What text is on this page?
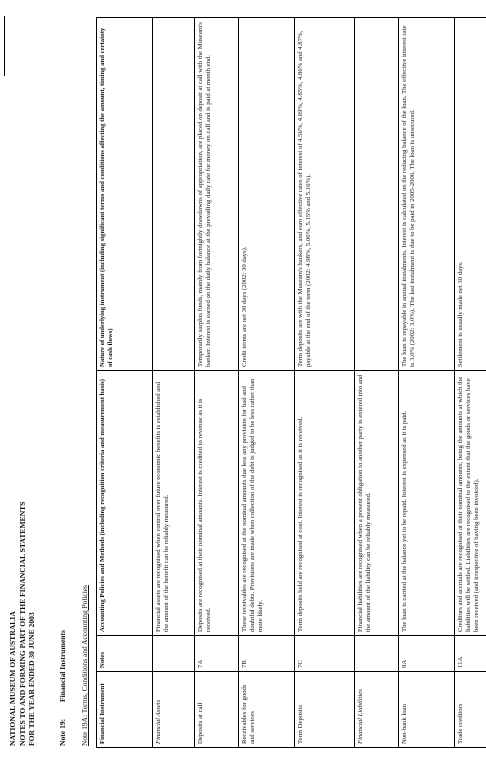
NATIONAL MUSEUM OF AUSTRALIA NOTES TO AND FORMING PART OF THE FINANCIAL STATEMENTS FOR THE YEAR ENDED 30 JUNE 2003	Note 19:Financial Instruments Note 19A: Terms, Conditions and Accounting Policies Financial Instrument	Notes	Accounting Policies and Methods (including recognition criteria and measurement basis)	Nature of underlying instrument (including significant terms and conditions affecting the amount, timing and certainty of cash flows)
Financial Assets		Financial assets are recognised when control over future economic benefits is established and the amount of the benefit can be reliably measured.	
Deposits at call	7A	Deposits are recognised at their nominal amounts. Interest is credited to revenue as it is received.	Temporarily surplus funds, mainly from fortnightly drawdowns of appropriation, are placed on deposit at call with the Museum's banker. Interest is earned on the daily balance at the prevailing daily rate for money on call and is paid at month end.
Receivables for goods and services	7B	These receivables are recognised at the nominal amounts due less any provision for bad and doubtful debts. Provisions are made when collection of the debt is judged to be less rather than more likely.	Credit terms are net 30 days (2002: 30 days).
Term Deposits	7C	Term deposits held are recognised at cost. Interest is recognised as it is received.	Term deposits are with the Museum's bankers, and earn effective rates of interest of 4.56%, 4.69%, 4.85%, 4.86% and 4.87%, payable at the end of the term (2002: 4.98%, 5.06%, 5.15% and 5.16%).
Financial Liabilities		Financial liabilities are recognised when a present obligation to another party is entered into and the amount of the liability can be reliably measured.	
Non-bank loan	9A	The loan is carried at the balance yet to be repaid. Interest is expensed as it is paid.	The loan is repayable in annual instalments. Interest is calculated on the reducing balance of the loan. The effective interest rate is 3.0% (2002: 3.0%). The last instalment is due to be paid in 2005-2006. The loan is unsecured.
Trade creditors	11A	Creditors and accruals are recognised at their nominal amounts, being the amounts at which the liabilities will be settled. Liabilities are recognised to the extent that the goods or services have been received (and irrespective of having been invoiced).	Settlement is usually made net 30 days.
